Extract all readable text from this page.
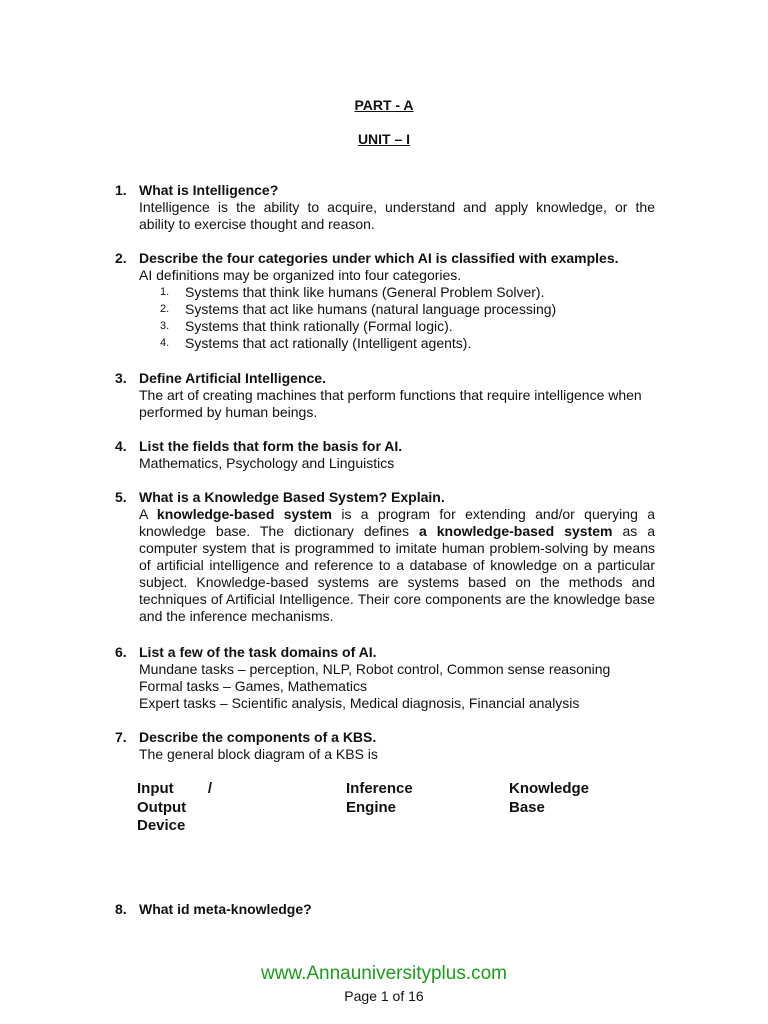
PART - A
UNIT – I
1. What is Intelligence?
Intelligence is the ability to acquire, understand and apply knowledge, or the
ability to exercise thought and reason.
2. Describe the four categories under which AI is classified with examples.
AI definitions may be organized into four categories.
1. Systems that think like humans (General Problem Solver).
2. Systems that act like humans (natural language processing)
3. Systems that think rationally (Formal logic).
4. Systems that act rationally (Intelligent agents).
3. Define Artificial Intelligence.
The art of creating machines that perform functions that require intelligence when
performed by human beings.
4. List the fields that form the basis for AI.
Mathematics, Psychology and Linguistics
5. What is a Knowledge Based System? Explain.
A knowledge-based system is a program for extending and/or querying a knowledge base. The dictionary defines a knowledge-based system as a computer system that is programmed to imitate human problem-solving by means of artificial intelligence and reference to a database of knowledge on a particular subject. Knowledge-based systems are systems based on the methods and techniques of Artificial Intelligence. Their core components are the knowledge base and the inference mechanisms.
6. List a few of the task domains of AI.
Mundane tasks – perception, NLP, Robot control, Common sense reasoning
Formal tasks – Games, Mathematics
Expert tasks – Scientific analysis, Medical diagnosis, Financial analysis
7. Describe the components of a KBS.
The general block diagram of a KBS is
Input /
Output
Device
Inference
Engine
Knowledge
Base
8. What id meta-knowledge?
www.Annauniversityplus.com
Page 1 of 16
